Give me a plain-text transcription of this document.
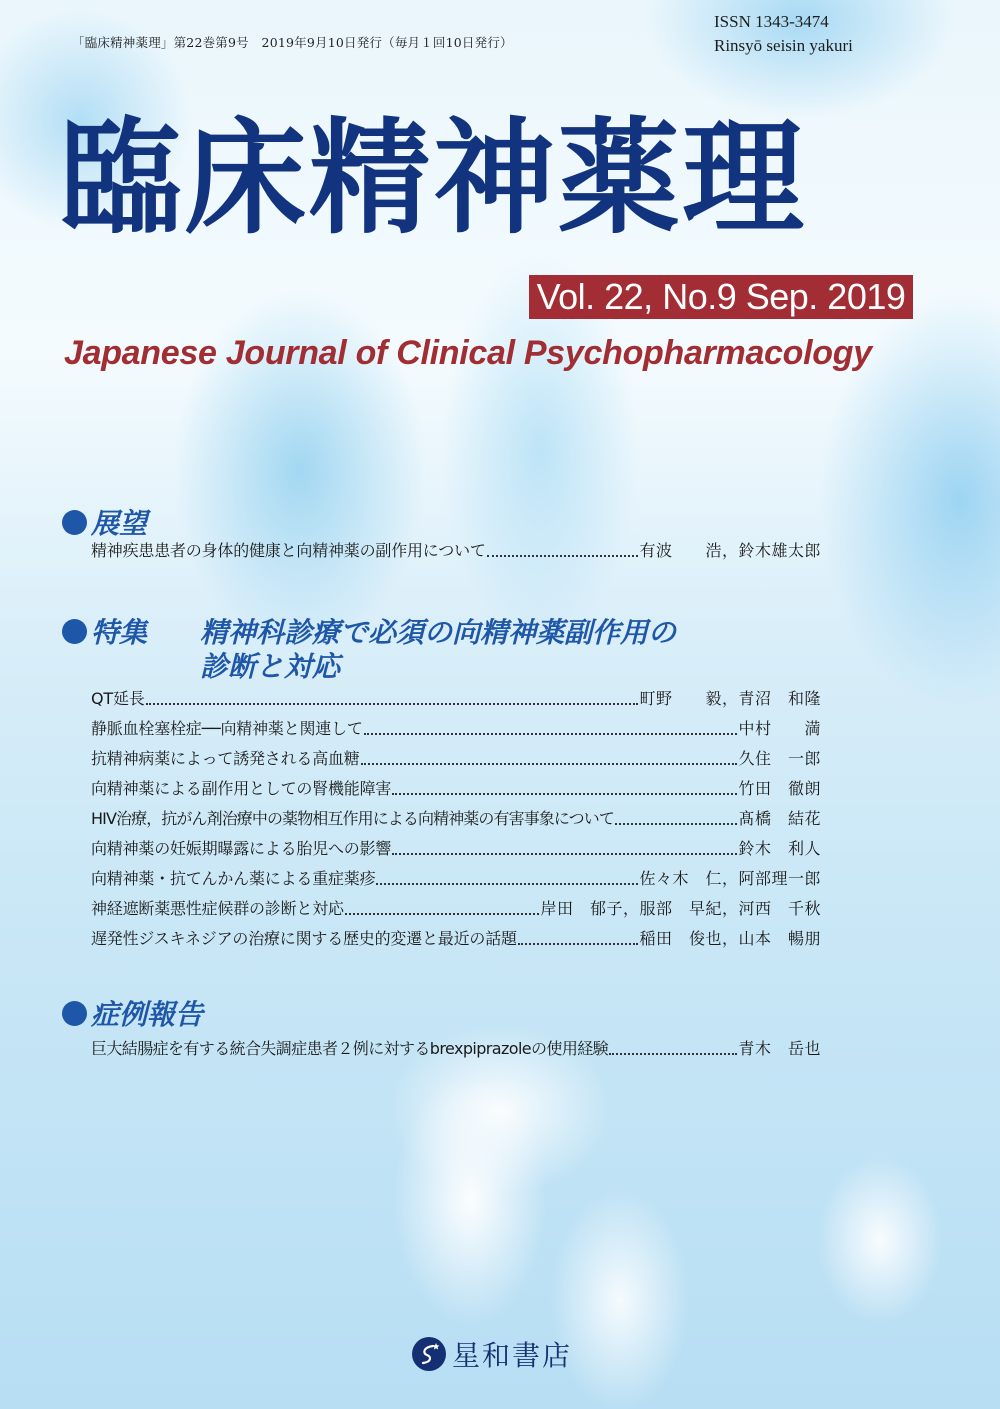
「臨床精神薬理」第22巻第9号　2019年9月10日発行（毎月１回10日発行）
ISSN 1343-3474
Rinsyō seisin yakuri
臨床精神薬理
Vol. 22, No.9 Sep. 2019
Japanese Journal of Clinical Psychopharmacology
展望
精神疾患患者の身体的健康と向精神薬の副作用について	有波　　浩，鈴木雄太郎
特集 精神科診療で必須の向精神薬副作用の
診断と対応
QT延長	町野　　毅，青沼　和隆
静脈血栓塞栓症──向精神薬と関連して	中村　　満
抗精神病薬によって誘発される高血糖	久住　一郎
向精神薬による副作用としての腎機能障害	竹田　徹朗
HIV治療，抗がん剤治療中の薬物相互作用による向精神薬の有害事象について	髙橋　結花
向精神薬の妊娠期曝露による胎児への影響	鈴木　利人
向精神薬・抗てんかん薬による重症薬疹	佐々木　仁，阿部理一郎
神経遮断薬悪性症候群の診断と対応	岸田　郁子，服部　早紀，河西　千秋
遅発性ジスキネジアの治療に関する歴史的変遷と最近の話題	稲田　俊也，山本　暢朋
症例報告
巨大結腸症を有する統合失調症患者２例に対するbrexpiprazoleの使用経験	青木　岳也
星和書店
